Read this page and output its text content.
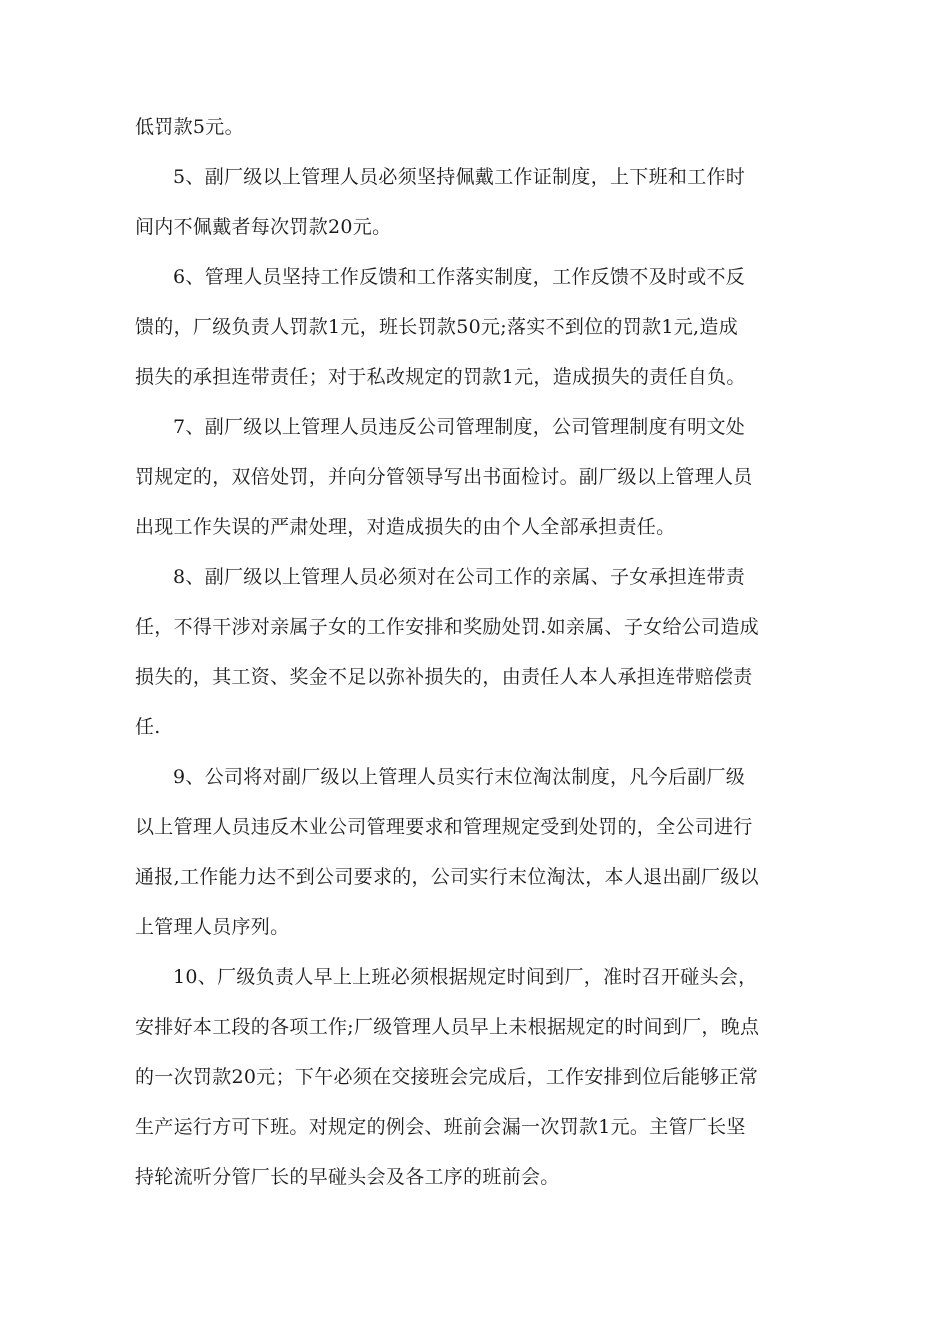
低罚款5元。
5、副厂级以上管理人员必须坚持佩戴工作证制度，上下班和工作时
间内不佩戴者每次罚款20元。
6、管理人员坚持工作反馈和工作落实制度，工作反馈不及时或不反
馈的，厂级负责人罚款1元，班长罚款50元;落实不到位的罚款1元,造成
损失的承担连带责任；对于私改规定的罚款1元，造成损失的责任自负。
7、副厂级以上管理人员违反公司管理制度，公司管理制度有明文处
罚规定的，双倍处罚，并向分管领导写出书面检讨。副厂级以上管理人员
出现工作失误的严肃处理，对造成损失的由个人全部承担责任。
8、副厂级以上管理人员必须对在公司工作的亲属、子女承担连带责
任，不得干涉对亲属子女的工作安排和奖励处罚.如亲属、子女给公司造成
损失的，其工资、奖金不足以弥补损失的，由责任人本人承担连带赔偿责
任.
9、公司将对副厂级以上管理人员实行末位淘汰制度，凡今后副厂级
以上管理人员违反木业公司管理要求和管理规定受到处罚的，全公司进行
通报,工作能力达不到公司要求的，公司实行末位淘汰，本人退出副厂级以
上管理人员序列。
10、厂级负责人早上上班必须根据规定时间到厂，准时召开碰头会，
安排好本工段的各项工作;厂级管理人员早上未根据规定的时间到厂，晚点
的一次罚款20元；下午必须在交接班会完成后，工作安排到位后能够正常
生产运行方可下班。对规定的例会、班前会漏一次罚款1元。主管厂长坚
持轮流听分管厂长的早碰头会及各工序的班前会。
